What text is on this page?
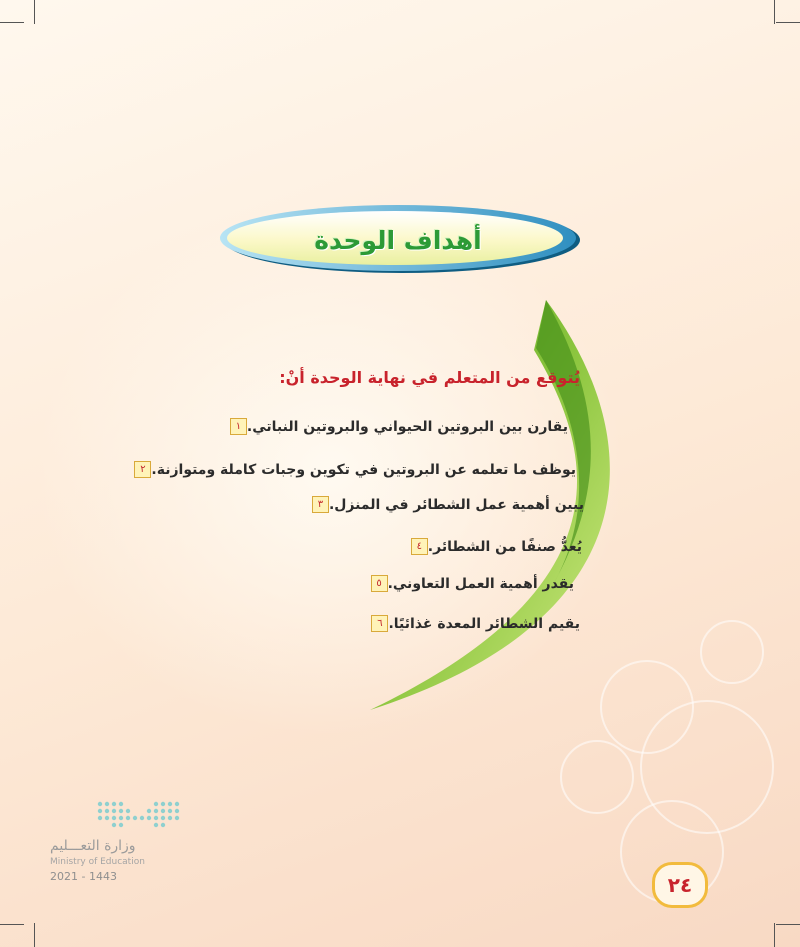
أهداف الوحدة
يُتوقع من المتعلم في نهاية الوحدة أنْ:
١ يقارن بين البروتين الحيواني والبروتين النباتي.
٢ يوظف ما تعلمه عن البروتين في تكوين وجبات كاملة ومتوازنة.
٣ يبين أهمية عمل الشطائر في المنزل.
٤ يُعدُّ صنفًا من الشطائر.
٥ يقدر أهمية العمل التعاوني.
٦ يقيم الشطائر المعدة غذائيًا.
وزارة التعـــليم
Ministry of Education
2021 - 1443	٢٤
